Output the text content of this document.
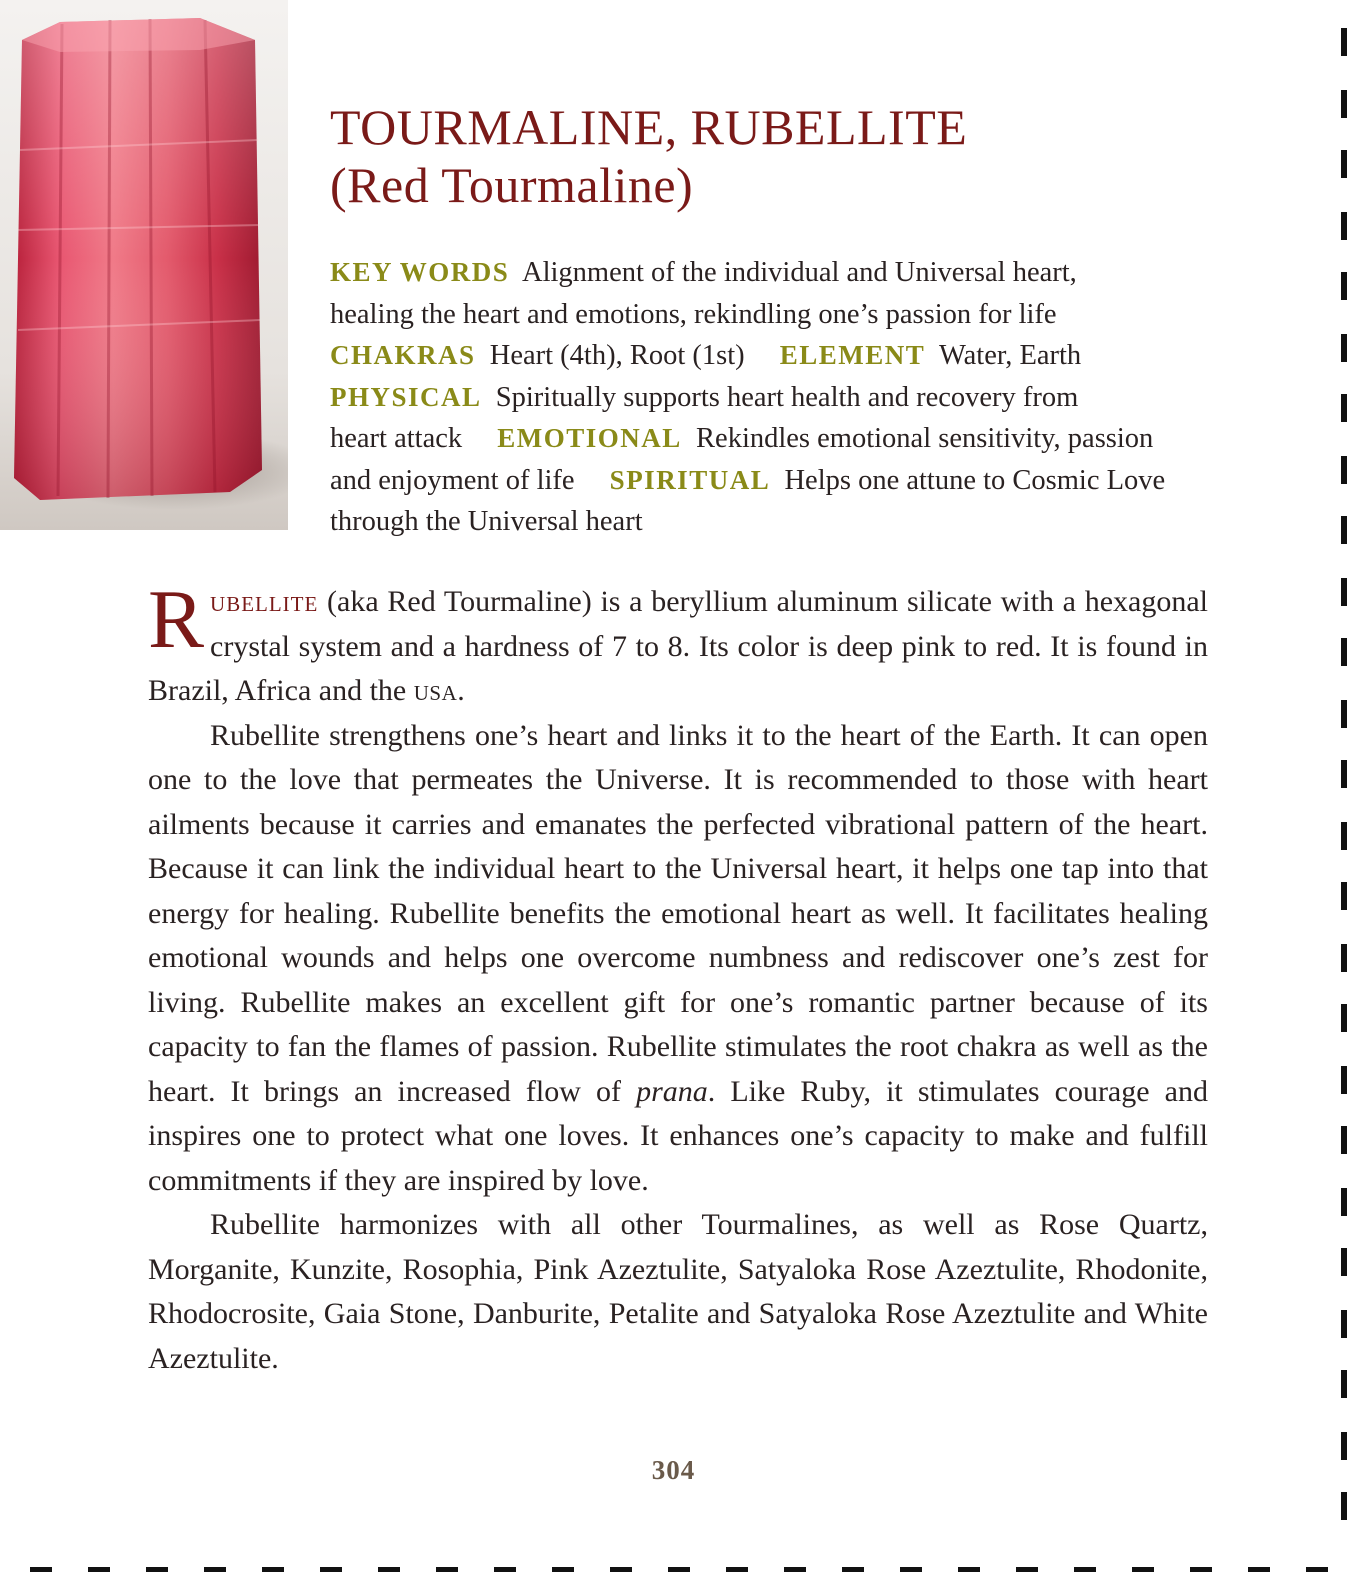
TOURMALINE, RUBELLITE
(Red Tourmaline)
KEY WORDS Alignment of the individual and Universal heart,
healing the heart and emotions, rekindling one’s passion for life
CHAKRAS Heart (4th), Root (1st) ELEMENT Water, Earth
PHYSICAL Spiritually supports heart health and recovery from
heart attack EMOTIONAL Rekindles emotional sensitivity, passion
and enjoyment of life SPIRITUAL Helps one attune to Cosmic Love
through the Universal heart

Rubellite (aka Red Tourmaline) is a beryllium aluminum silicate with a hexagonal crystal system and a hardness of 7 to 8. Its color is deep pink to red. It is found in Brazil, Africa and the usa.

Rubellite strengthens one’s heart and links it to the heart of the Earth. It can open one to the love that permeates the Universe. It is recommended to those with heart ailments because it carries and emanates the perfected vibrational pattern of the heart. Because it can link the individual heart to the Universal heart, it helps one tap into that energy for healing. Rubellite benefits the emotional heart as well. It facilitates healing emotional wounds and helps one overcome numbness and rediscover one’s zest for living. Rubellite makes an excellent gift for one’s romantic partner because of its capacity to fan the flames of passion. Rubellite stimulates the root chakra as well as the heart. It brings an increased flow of prana. Like Ruby, it stimulates courage and inspires one to protect what one loves. It enhances one’s capacity to make and fulfill commitments if they are inspired by love.

Rubellite harmonizes with all other Tourmalines, as well as Rose Quartz, Morganite, Kunzite, Rosophia, Pink Azeztulite, Satyaloka Rose Azeztulite, Rhodonite, Rhodocrosite, Gaia Stone, Danburite, Petalite and Satyaloka Rose Azeztulite and White Azeztulite.

304
